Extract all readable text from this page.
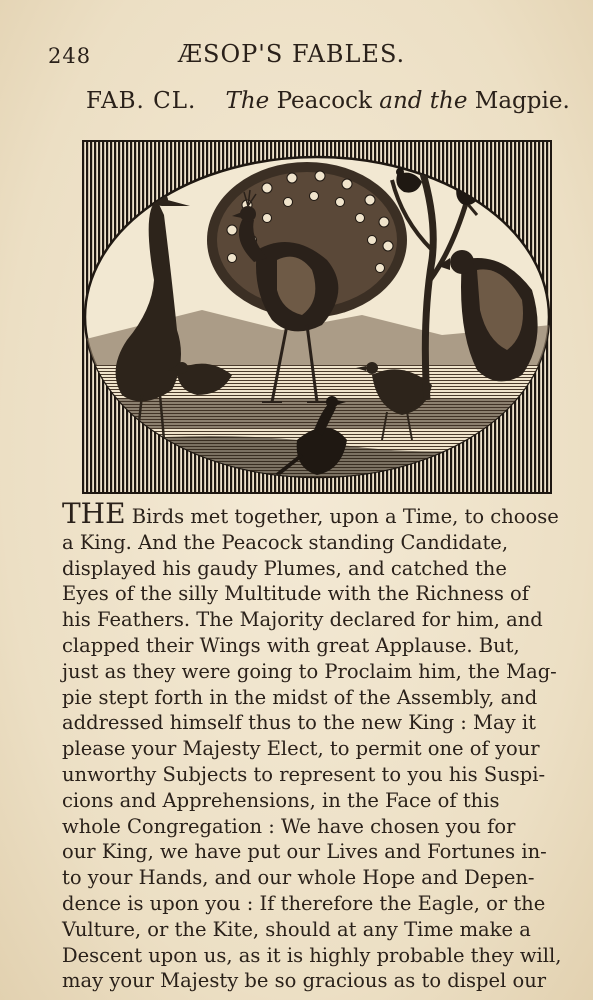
248	ÆSOP'S FABLES.
FAB. CL. The Peacock and the Magpie.
THE Birds met together, upon a Time, to choose
a King. And the Peacock standing Candidate,
displayed his gaudy Plumes, and catched the
Eyes of the silly Multitude with the Richness of
his Feathers. The Majority declared for him, and
clapped their Wings with great Applause. But,
just as they were going to Proclaim him, the Mag-
pie stept forth in the midst of the Assembly, and
addressed himself thus to the new King : May it
please your Majesty Elect, to permit one of your
unworthy Subjects to represent to you his Suspi-
cions and Apprehensions, in the Face of this
whole Congregation : We have chosen you for
our King, we have put our Lives and Fortunes in-
to your Hands, and our whole Hope and Depen-
dence is upon you : If therefore the Eagle, or the
Vulture, or the Kite, should at any Time make a
Descent upon us, as it is highly probable they will,
may your Majesty be so gracious as to dispel our
